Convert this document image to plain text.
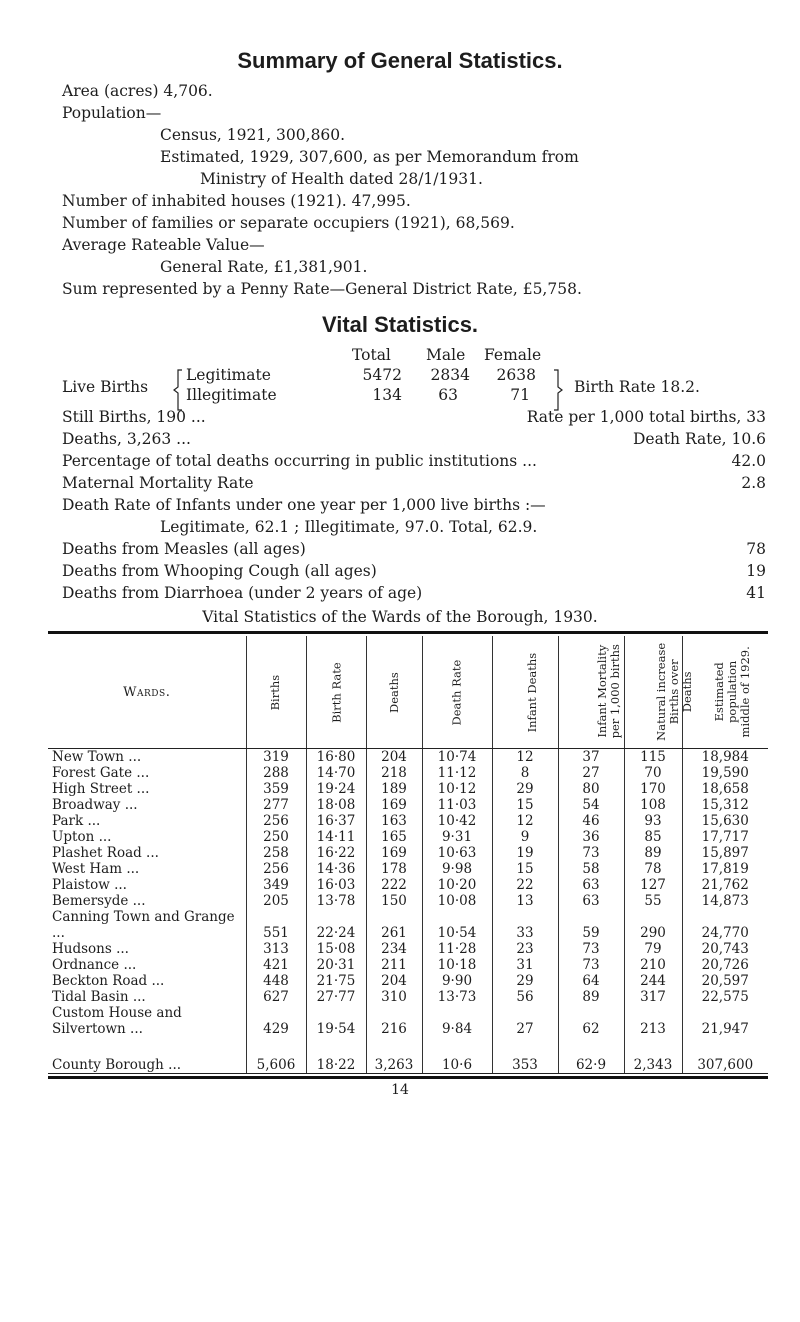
Summary of General Statistics.
Area (acres) 4,706.
Population—
Census, 1921, 300,860.
Estimated, 1929, 307,600, as per Memorandum from
Ministry of Health dated 28/1/1931.
Number of inhabited houses (1921). 47,995.
Number of families or separate occupiers (1921), 68,569.
Average Rateable Value—
General Rate, £1,381,901.
Sum represented by a Penny Rate—General District Rate, £5,758.
Vital Statistics.
Total Male Female
Live Births
Legitimate	5472	2834	2638
Illegitimate	134	63	71	Birth Rate 18.2.
Still Births, 190 ...	Rate per 1,000 total births, 33
Deaths, 3,263 ...	Death Rate, 10.6
Percentage of total deaths occurring in public institutions ...	42.0
Maternal Mortality Rate	2.8
Death Rate of Infants under one year per 1,000 live births :—
Legitimate, 62.1 ; Illegitimate, 97.0. Total, 62.9.
Deaths from Measles (all ages)	78
Deaths from Whooping Cough (all ages)	19
Deaths from Diarrhoea (under 2 years of age)	41
Vital Statistics of the Wards of the Borough, 1930.
Wards.	Births	Birth Rate	Deaths	Death Rate	Infant Deaths	Infant Mortality per 1,000 births	Natural increase Births over Deaths	Estimated population middle of 1929.
New Town ...	319	16·80	204	10·74	12	37	115	18,984
Forest Gate ...	288	14·70	218	11·12	8	27	70	19,590
High Street ...	359	19·24	189	10·12	29	80	170	18,658
Broadway ...	277	18·08	169	11·03	15	54	108	15,312
Park ...	256	16·37	163	10·42	12	46	93	15,630
Upton ...	250	14·11	165	9·31	9	36	85	17,717
Plashet Road ...	258	16·22	169	10·63	19	73	89	15,897
West Ham ...	256	14·36	178	9·98	15	58	78	17,819
Plaistow ...	349	16·03	222	10·20	22	63	127	21,762
Bemersyde ...	205	13·78	150	10·08	13	63	55	14,873
Canning Town and Grange ...	551	22·24	261	10·54	33	59	290	24,770
Hudsons ...	313	15·08	234	11·28	23	73	79	20,743
Ordnance ...	421	20·31	211	10·18	31	73	210	20,726
Beckton Road ...	448	21·75	204	9·90	29	64	244	20,597
Tidal Basin ...	627	27·77	310	13·73	56	89	317	22,575
Custom House and Silvertown ...	429	19·54	216	9·84	27	62	213	21,947

County Borough ...	5,606	18·22	3,263	10·6	353	62·9	2,343	307,600
14
